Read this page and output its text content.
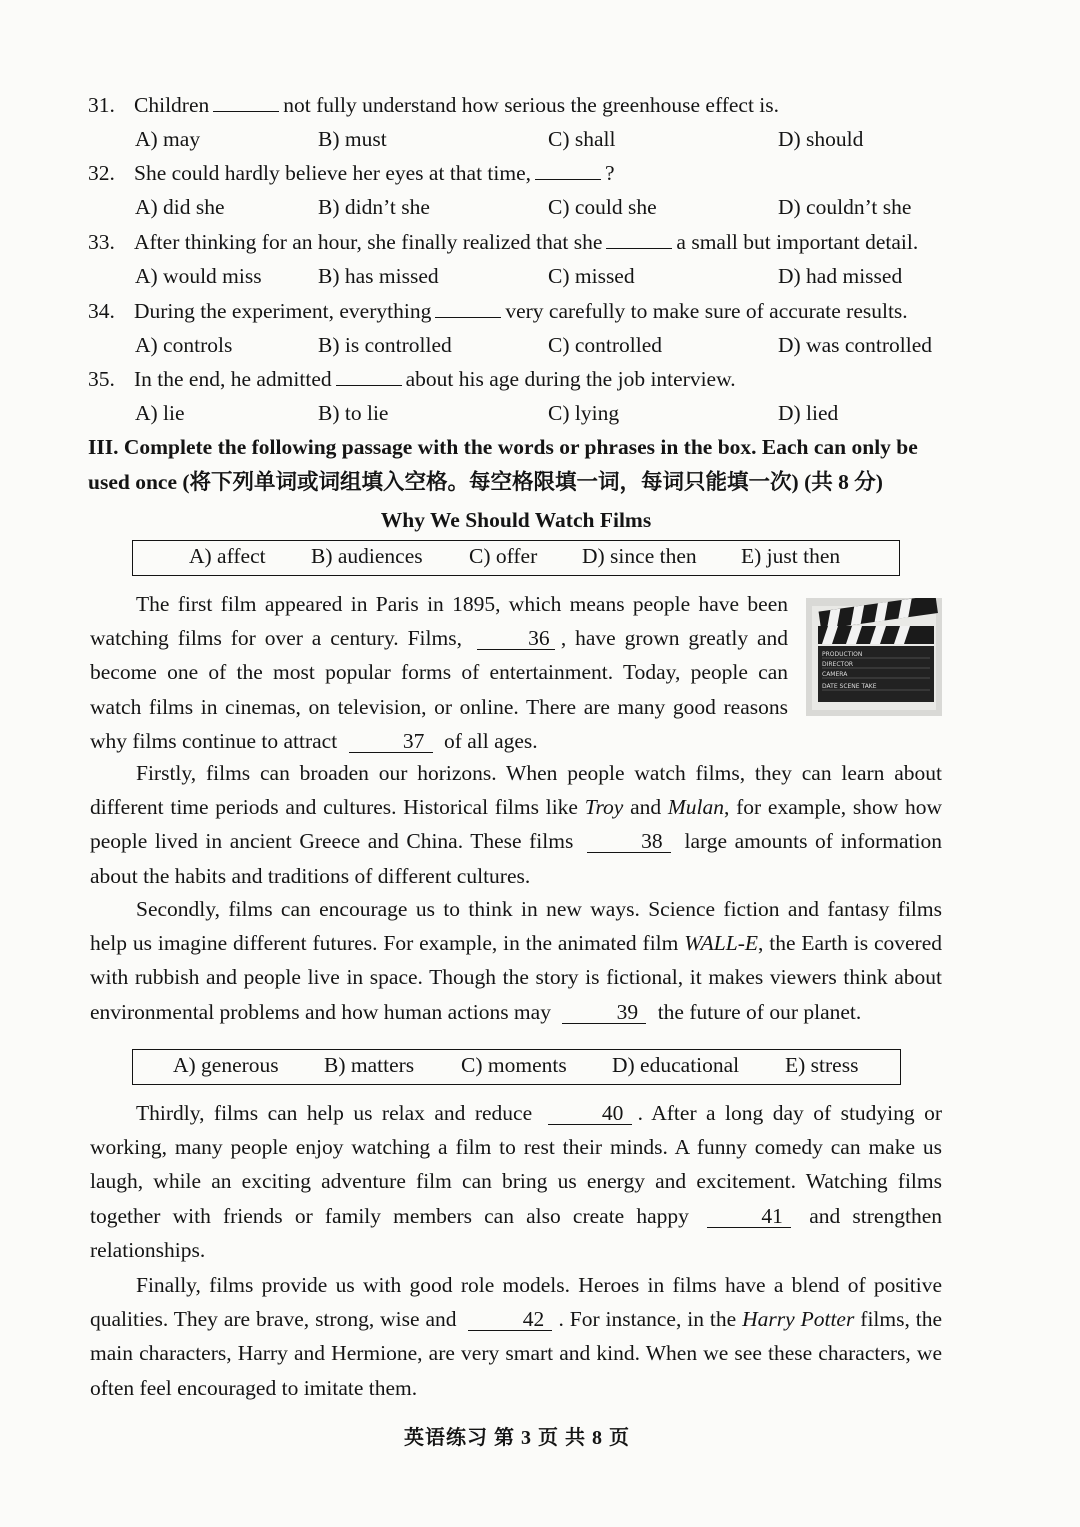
31. Children	not fully understand how serious the greenhouse effect is.
A) may	B) must	C) shall	D) should
32. She could hardly believe her eyes at that time,	?
A) did she	B) didn’t she	C) could she	D) couldn’t she
33. After thinking for an hour, she finally realized that she	a small but important detail.
A) would miss	B) has missed	C) missed	D) had missed
34. During the experiment, everything	very carefully to make sure of accurate results.
A) controls	B) is controlled	C) controlled	D) was controlled
35. In the end, he admitted	about his age during the job interview.
A) lie	B) to lie	C) lying	D) lied
III. Complete the following passage with the words or phrases in the box. Each can only be
used once (将下列单词或词组填入空格。每空格限填一词，每词只能填一次) (共 8 分)
Why We Should Watch Films
A) affect B) audiences C) offer D) since then E) just then
PRODUCTION
DIRECTOR
CAMERA
DATE SCENE TAKE

The first film appeared in Paris in 1895, which means people have been watching films for over a century. Films,	36 , have grown greatly and become one of the most popular forms of entertainment. Today, people can watch films in cinemas, on television, or online. There are many good reasons why films continue to attract	37 of all ages.

Firstly, films can broaden our horizons. When people watch films, they can learn about different time periods and cultures. Historical films like Troy and Mulan, for example, show how people lived in ancient Greece and China. These films	38 large amounts of information about the habits and traditions of different cultures.

Secondly, films can encourage us to think in new ways. Science fiction and fantasy films help us imagine different futures. For example, in the animated film WALL-E, the Earth is covered with rubbish and people live in space. Though the story is fictional, it makes viewers think about environmental problems and how human actions may	39 the future of our planet.

A) generous B) matters C) moments D) educational E) stress

Thirdly, films can help us relax and reduce	40 . After a long day of studying or working, many people enjoy watching a film to rest their minds. A funny comedy can make us laugh, while an exciting adventure film can bring us energy and excitement. Watching films together with friends or family members can also create happy	41 and strengthen relationships.

Finally, films provide us with good role models. Heroes in films have a blend of positive qualities. They are brave, strong, wise and	42 . For instance, in the Harry Potter films, the main characters, Harry and Hermione, are very smart and kind. When we see these characters, we often feel encouraged to imitate them.

英语练习 第 3 页 共 8 页
